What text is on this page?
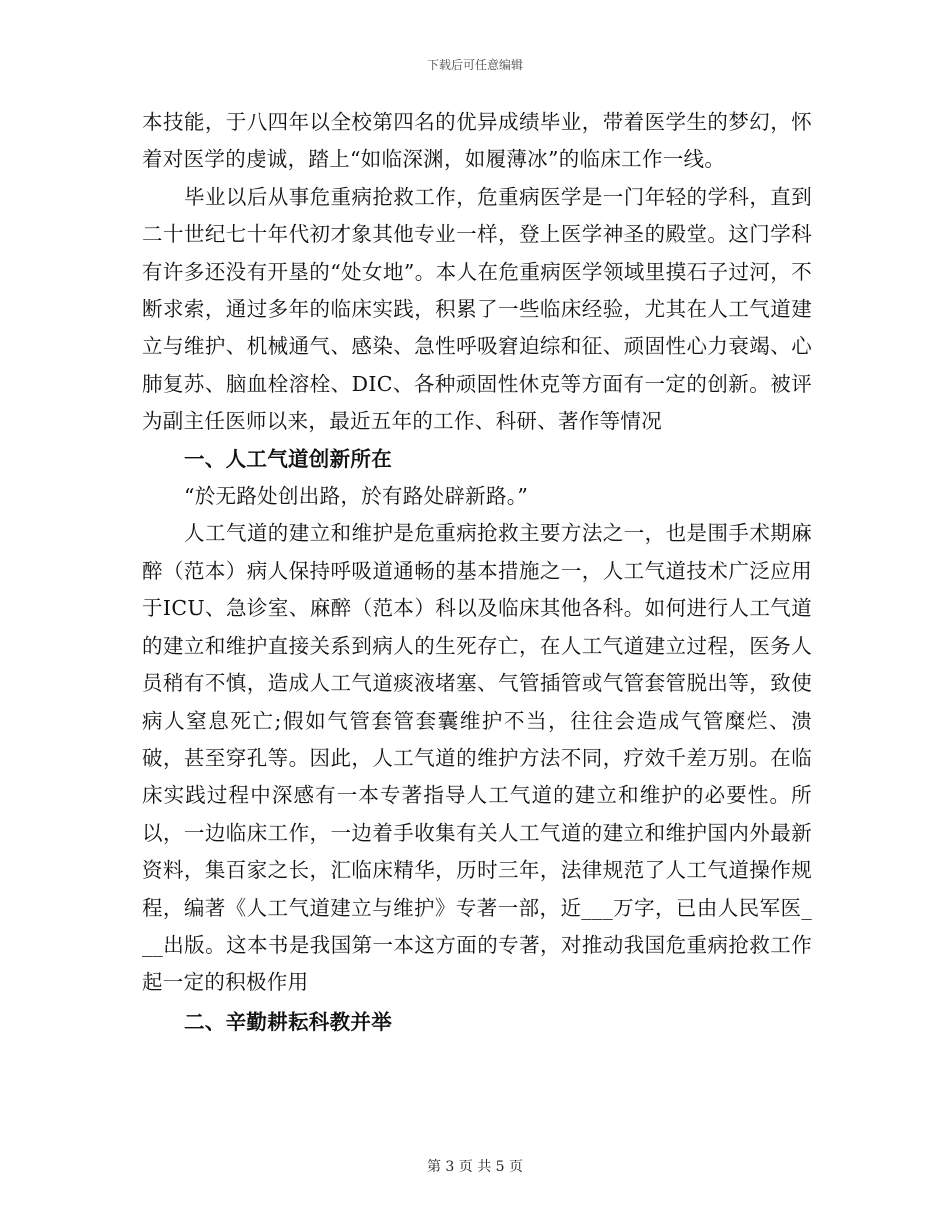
下载后可任意编辑

本技能，于八四年以全校第四名的优异成绩毕业，带着医学生的梦幻，怀着对医学的虔诚，踏上“如临深渊，如履薄冰”的临床工作一线。

毕业以后从事危重病抢救工作，危重病医学是一门年轻的学科，直到二十世纪七十年代初才象其他专业一样，登上医学神圣的殿堂。这门学科有许多还没有开垦的“处女地”。本人在危重病医学领域里摸石子过河，不断求索，通过多年的临床实践，积累了一些临床经验，尤其在人工气道建立与维护、机械通气、感染、急性呼吸窘迫综和征、顽固性心力衰竭、心肺复苏、脑血栓溶栓、DIC、各种顽固性休克等方面有一定的创新。被评为副主任医师以来，最近五年的工作、科研、著作等情况

一、人工气道创新所在

“於无路处创出路，於有路处辟新路。”

人工气道的建立和维护是危重病抢救主要方法之一，也是围手术期麻醉（范本）病人保持呼吸道通畅的基本措施之一，人工气道技术广泛应用于ICU、急诊室、麻醉（范本）科以及临床其他各科。如何进行人工气道的建立和维护直接关系到病人的生死存亡，在人工气道建立过程，医务人员稍有不慎，造成人工气道痰液堵塞、气管插管或气管套管脱出等，致使病人窒息死亡;假如气管套管套囊维护不当，往往会造成气管糜烂、溃破，甚至穿孔等。因此，人工气道的维护方法不同，疗效千差万别。在临床实践过程中深感有一本专著指导人工气道的建立和维护的必要性。所以，一边临床工作，一边着手收集有关人工气道的建立和维护国内外最新资料，集百家之长，汇临床精华，历时三年，法律规范了人工气道操作规程，编著《人工气道建立与维护》专著一部，近___万字，已由人民军医___出版。这本书是我国第一本这方面的专著，对推动我国危重病抢救工作起一定的积极作用

二、辛勤耕耘科教并举

第 3 页 共 5 页
